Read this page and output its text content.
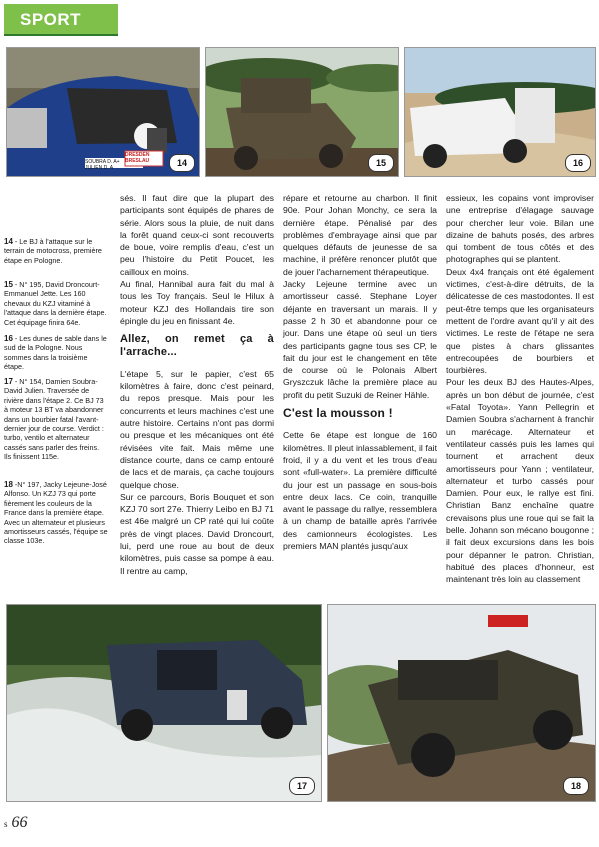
SPORT
SOUBRA D. A+
JULIEN D. A
DRESDEN BRESLAU	14	15	16
14 - Le BJ à l'attaque sur le terrain de motocross, première étape en Pologne.
15 - N° 195, David Droncourt-Emmanuel Jette. Les 160 chevaux du KZJ vitaminé à l'attaque dans la dernière étape. Cet équipage finira 64e.
16 - Les dunes de sable dans le sud de la Pologne. Nous sommes dans la troisième étape.
17 - N° 154, Damien Soubra-David Julien. Traversée de rivière dans l'étape 2. Ce BJ 73 à moteur 13 BT va abandonner dans un bourbier fatal l'avant-dernier jour de course. Verdict : turbo, ventilo et alternateur cassés sans parler des freins. Ils finissent 115e.
18 -N° 197, Jacky Lejeune-José Alfonso. Un KZJ 73 qui porte fièrement les couleurs de la France dans la première étape. Avec un alternateur et plusieurs amortisseurs cassés, l'équipe se classe 103e.

sés. Il faut dire que la plupart des participants sont équipés de phares de série. Alors sous la pluie, de nuit dans la forêt quand ceux-ci sont recouverts de boue, voire remplis d'eau, c'est un peu l'histoire du Petit Poucet, les cailloux en moins.

Au final, Hannibal aura fait du mal à tous les Toy français. Seul le Hilux à moteur KZJ des Hollandais tire son épingle du jeu en finissant 4e.

Allez, on remet ça à l'arrache...

L'étape 5, sur le papier, c'est 65 kilomètres à faire, donc c'est peinard, du repos presque. Mais pour les concurrents et leurs machines c'est une autre histoire. Certains n'ont pas dormi ou presque et les mécaniques ont été révisées vite fait. Mais même une distance courte, dans ce camp entouré de lacs et de marais, ça cache toujours quelque chose.

Sur ce parcours, Boris Bouquet et son KZJ 70 sort 27e. Thierry Leibo en BJ 71 est 46e malgré un CP raté qui lui coûte près de vingt places. David Droncourt, lui, perd une roue au bout de deux kilomètres, puis casse sa pompe à eau. Il rentre au camp,

répare et retourne au charbon. Il finit 90e. Pour Johan Monchy, ce sera la dernière étape. Pénalisé par des problèmes d'embrayage ainsi que par quelques défauts de jeunesse de sa machine, il préfère renoncer plutôt que de jouer l'acharnement thérapeutique.

Jacky Lejeune termine avec un amortisseur cassé. Stephane Loyer déjante en traversant un marais. Il y passe 2 h 30 et abandonne pour ce jour. Dans une étape où seul un tiers des participants gagne tous ses CP, le fait du jour est le changement en tête de course où le Polonais Albert Gryszczuk lâche la première place au profit du petit Suzuki de Reiner Hähle.

C'est la mousson !

Cette 6e étape est longue de 160 kilomètres. Il pleut inlassablement, il fait froid, il y a du vent et les trous d'eau sont «full-water». La première difficulté du jour est un passage en sous-bois entre deux lacs. Ce coin, tranquille avant le passage du rallye, ressemblera à un champ de bataille après l'arrivée des camionneurs écologistes. Les premiers MAN plantés jusqu'aux

essieux, les copains vont improviser une entreprise d'élagage sauvage pour chercher leur voie. Bilan une dizaine de bahuts posés, des arbres qui tombent de tous côtés et des photographes qui se plantent.

Deux 4x4 français ont été également victimes, c'est-à-dire détruits, de la délicatesse de ces mastodontes. Il est peut-être temps que les organisateurs mettent de l'ordre avant qu'il y ait des victimes. Le reste de l'étape ne sera que pistes à chars glissantes entrecoupées de bourbiers et tourbières.

Pour les deux BJ des Hautes-Alpes, après un bon début de journée, c'est «Fatal Toyota». Yann Pellegrin et Damien Soubra s'acharnent à franchir un marécage. Alternateur et ventilateur cassés puis les lames qui tournent et arrachent deux amortisseurs pour Yann ; ventilateur, alternateur et turbo cassés pour Damien. Pour eux, le rallye est fini. Christian Banz enchaîne quatre crevaisons plus une roue qui se fait la belle. Johann son mécano bougonne ; il fait deux excursions dans les bois pour dépanner le patron. Christian, habitué des places d'honneur, est maintenant très loin au classement

17	18
s 66
